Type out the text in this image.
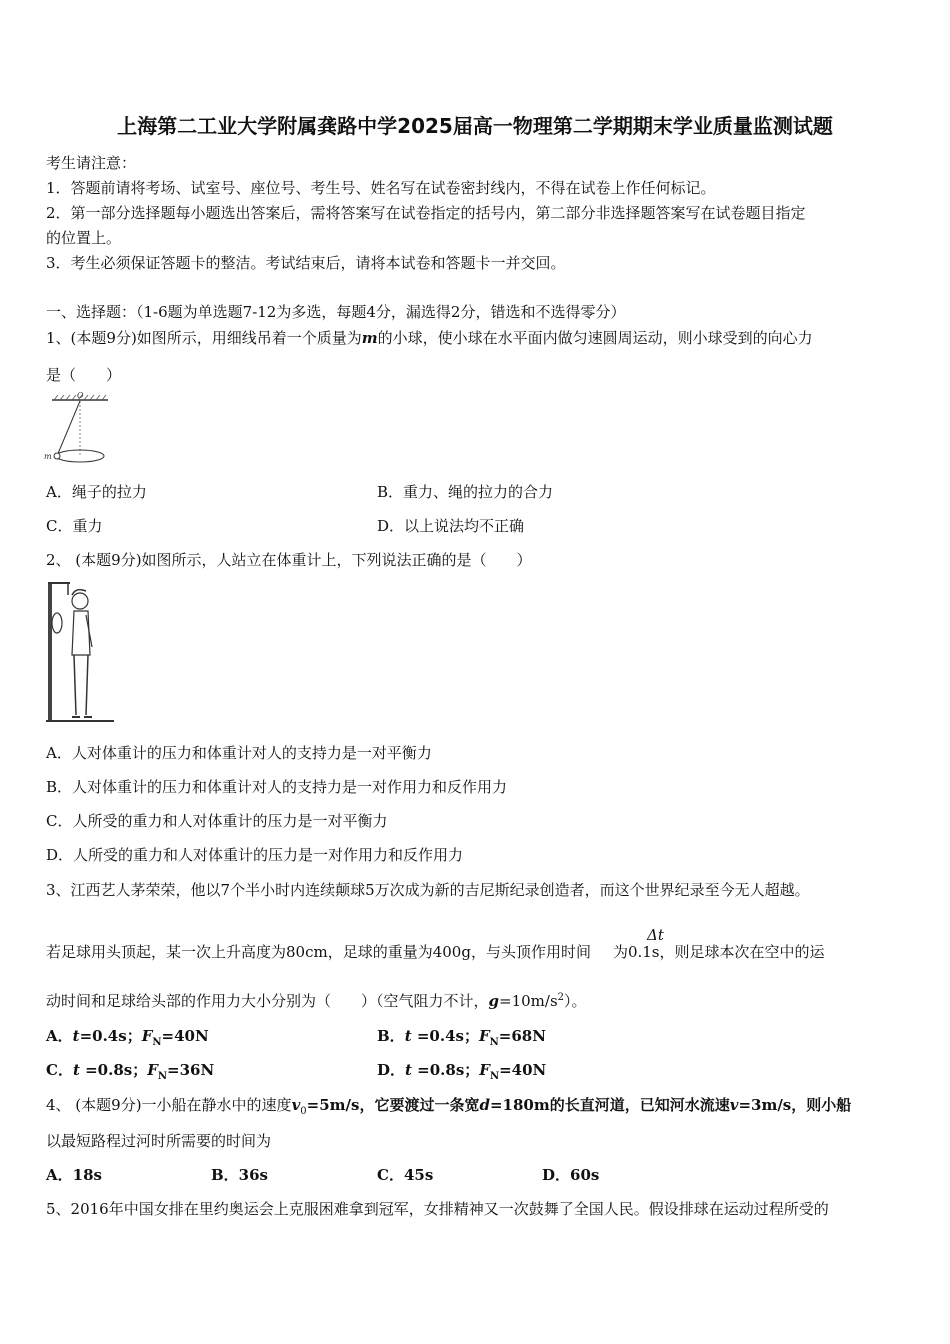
上海第二工业大学附属龚路中学2025届高一物理第二学期期末学业质量监测试题
考生请注意：
1．答题前请将考场、试室号、座位号、考生号、姓名写在试卷密封线内，不得在试卷上作任何标记。
2．第一部分选择题每小题选出答案后，需将答案写在试卷指定的括号内，第二部分非选择题答案写在试卷题目指定
的位置上。
3．考生必须保证答题卡的整洁。考试结束后，请将本试卷和答题卡一并交回。
一、选择题：（1-6题为单选题7-12为多选，每题4分，漏选得2分，错选和不选得零分）
1、(本题9分)如图所示，用细线吊着一个质量为m的小球，使小球在水平面内做匀速圆周运动，则小球受到的向心力
是（　　）
O
m
A．绳子的拉力	B．重力、绳的拉力的合力
C．重力	D．以上说法均不正确
2、 (本题9分)如图所示，人站立在体重计上，下列说法正确的是（　　）
A．人对体重计的压力和体重计对人的支持力是一对平衡力
B．人对体重计的压力和体重计对人的支持力是一对作用力和反作用力
C．人所受的重力和人对体重计的压力是一对平衡力
D．人所受的重力和人对体重计的压力是一对作用力和反作用力
3、江西艺人茅荣荣，他以7个半小时内连续颠球5万次成为新的吉尼斯纪录创造者，而这个世界纪录至今无人超越。
Δt
若足球用头顶起，某一次上升高度为80cm，足球的重量为400g，与头顶作用时间 为0.1s，则足球本次在空中的运
动时间和足球给头部的作用力大小分别为（　　）（空气阻力不计，$g=10m/s^2$）。
A．t=0.4s；$F_N=40N$	B．t =0.4s；$F_N=68N$
C．t =0.8s；$F_N=36N$	D．t =0.8s；$F_N=40N$
4、 (本题9分)一小船在静水中的速度$v_0=5m/s$，它要渡过一条宽d=180m的长直河道，已知河水流速v=3m/s，则小船
以最短路程过河时所需要的时间为
A．18s	B．36s	C．45s	D．60s
5、2016年中国女排在里约奥运会上克服困难拿到冠军，女排精神又一次鼓舞了全国人民。假设排球在运动过程所受的
